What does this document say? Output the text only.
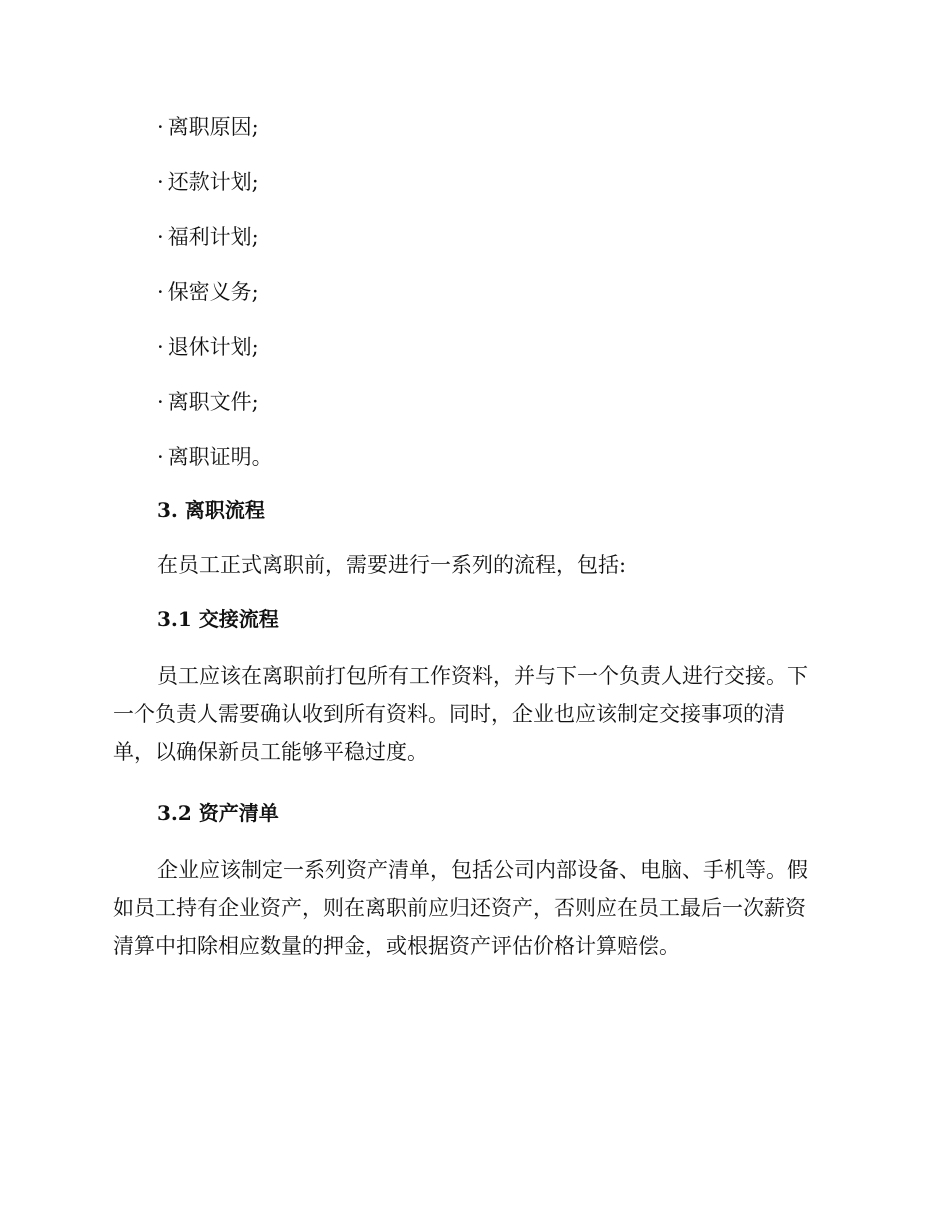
· 离职原因;
· 还款计划;
· 福利计划;
· 保密义务;
· 退休计划;
· 离职文件;
· 离职证明。
3. 离职流程
在员工正式离职前，需要进行一系列的流程，包括:
3.1 交接流程

员工应该在离职前打包所有工作资料，并与下一个负责人进行交接。下
一个负责人需要确认收到所有资料。同时，企业也应该制定交接事项的清
单，以确保新员工能够平稳过度。

3.2 资产清单

企业应该制定一系列资产清单，包括公司内部设备、电脑、手机等。假
如员工持有企业资产，则在离职前应归还资产，否则应在员工最后一次薪资
清算中扣除相应数量的押金，或根据资产评估价格计算赔偿。
